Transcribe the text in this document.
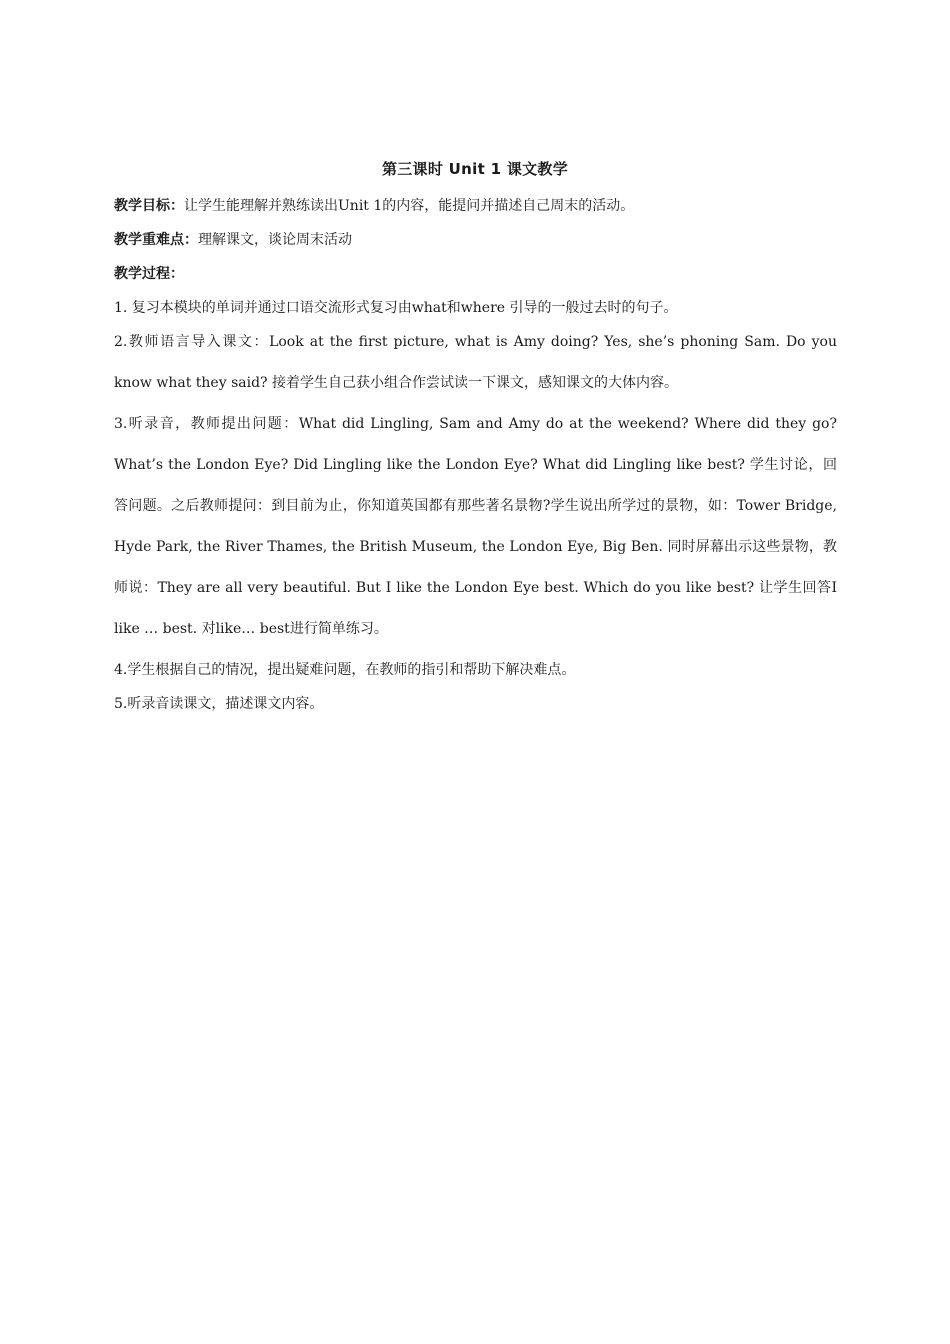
第三课时 Unit 1 课文教学

教学目标：让学生能理解并熟练读出Unit 1的内容，能提问并描述自己周末的活动。

教学重难点：理解课文，谈论周末活动

教学过程：

1. 复习本模块的单词并通过口语交流形式复习由what和where 引导的一般过去时的句子。

2.教师语言导入课文：Look at the first picture, what is Amy doing? Yes, she’s phoning Sam. Do you know what they said? 接着学生自己获小组合作尝试读一下课文，感知课文的大体内容。

3.听录音，教师提出问题：What did Lingling, Sam and Amy do at the weekend? Where did they go? What’s the London Eye? Did Lingling like the London Eye? What did Lingling like best? 学生讨论，回答问题。之后教师提问：到目前为止，你知道英国都有那些著名景物?学生说出所学过的景物，如：Tower Bridge, Hyde Park, the River Thames, the British Museum, the London Eye, Big Ben. 同时屏幕出示这些景物，教师说：They are all very beautiful. But I like the London Eye best. Which do you like best? 让学生回答I like … best. 对like… best进行简单练习。

4.学生根据自己的情况，提出疑难问题，在教师的指引和帮助下解决难点。

5.听录音读课文，描述课文内容。
